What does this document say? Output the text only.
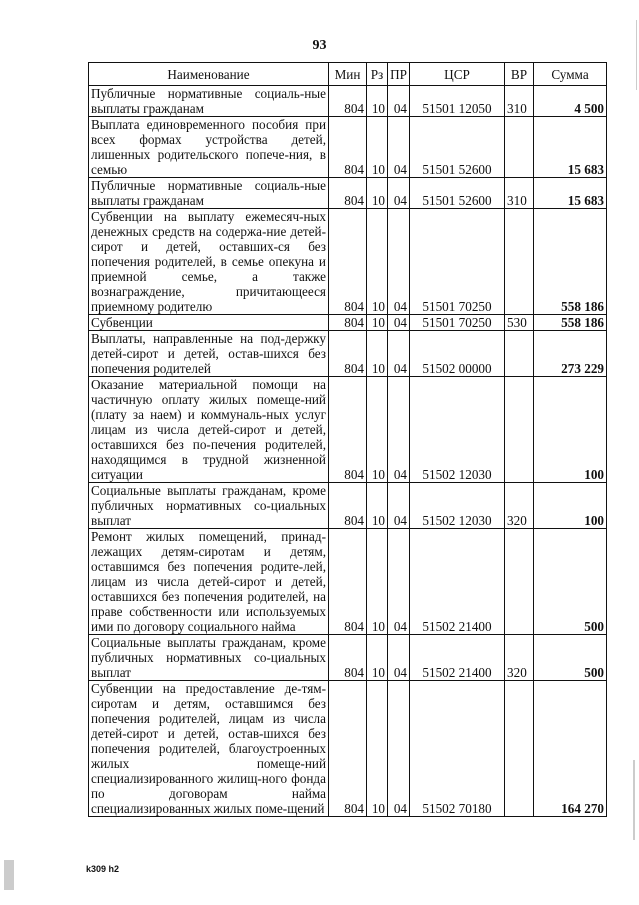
93
Наименование	Мин	Рз	ПР	ЦСР	ВР	Сумма
Публичные нормативные социаль-ные выплаты гражданам	804	10	04	51501 12050	310	4 500
Выплата единовременного пособия при всех формах устройства детей, лишенных родительского попече-ния, в семью	804	10	04	51501 52600		15 683
Публичные нормативные социаль-ные выплаты гражданам	804	10	04	51501 52600	310	15 683
Субвенции на выплату ежемесяч-ных денежных средств на содержа-ние детей-сирот и детей, оставших-ся без попечения родителей, в семье опекуна и приемной семье, а также вознаграждение, причитающееся приемному родителю	804	10	04	51501 70250		558 186
Субвенции	804	10	04	51501 70250	530	558 186
Выплаты, направленные на под-держку детей-сирот и детей, остав-шихся без попечения родителей	804	10	04	51502 00000		273 229
Оказание материальной помощи на частичную оплату жилых помеще-ний (плату за наем) и коммуналь-ных услуг лицам из числа детей-сирот и детей, оставшихся без по-печения родителей, находящимся в трудной жизненной ситуации	804	10	04	51502 12030		100
Социальные выплаты гражданам, кроме публичных нормативных со-циальных выплат	804	10	04	51502 12030	320	100
Ремонт жилых помещений, принад-лежащих детям-сиротам и детям, оставшимся без попечения родите-лей, лицам из числа детей-сирот и детей, оставшихся без попечения родителей, на праве собственности или используемых ими по договору социального найма	804	10	04	51502 21400		500
Социальные выплаты гражданам, кроме публичных нормативных со-циальных выплат	804	10	04	51502 21400	320	500
Субвенции на предоставление де-тям-сиротам и детям, оставшимся без попечения родителей, лицам из числа детей-сирот и детей, остав-шихся без попечения родителей, благоустроенных жилых помеще-ний специализированного жилищ-ного фонда по договорам найма специализированных жилых поме-щений	804	10	04	51502 70180		164 270
k309 h2
